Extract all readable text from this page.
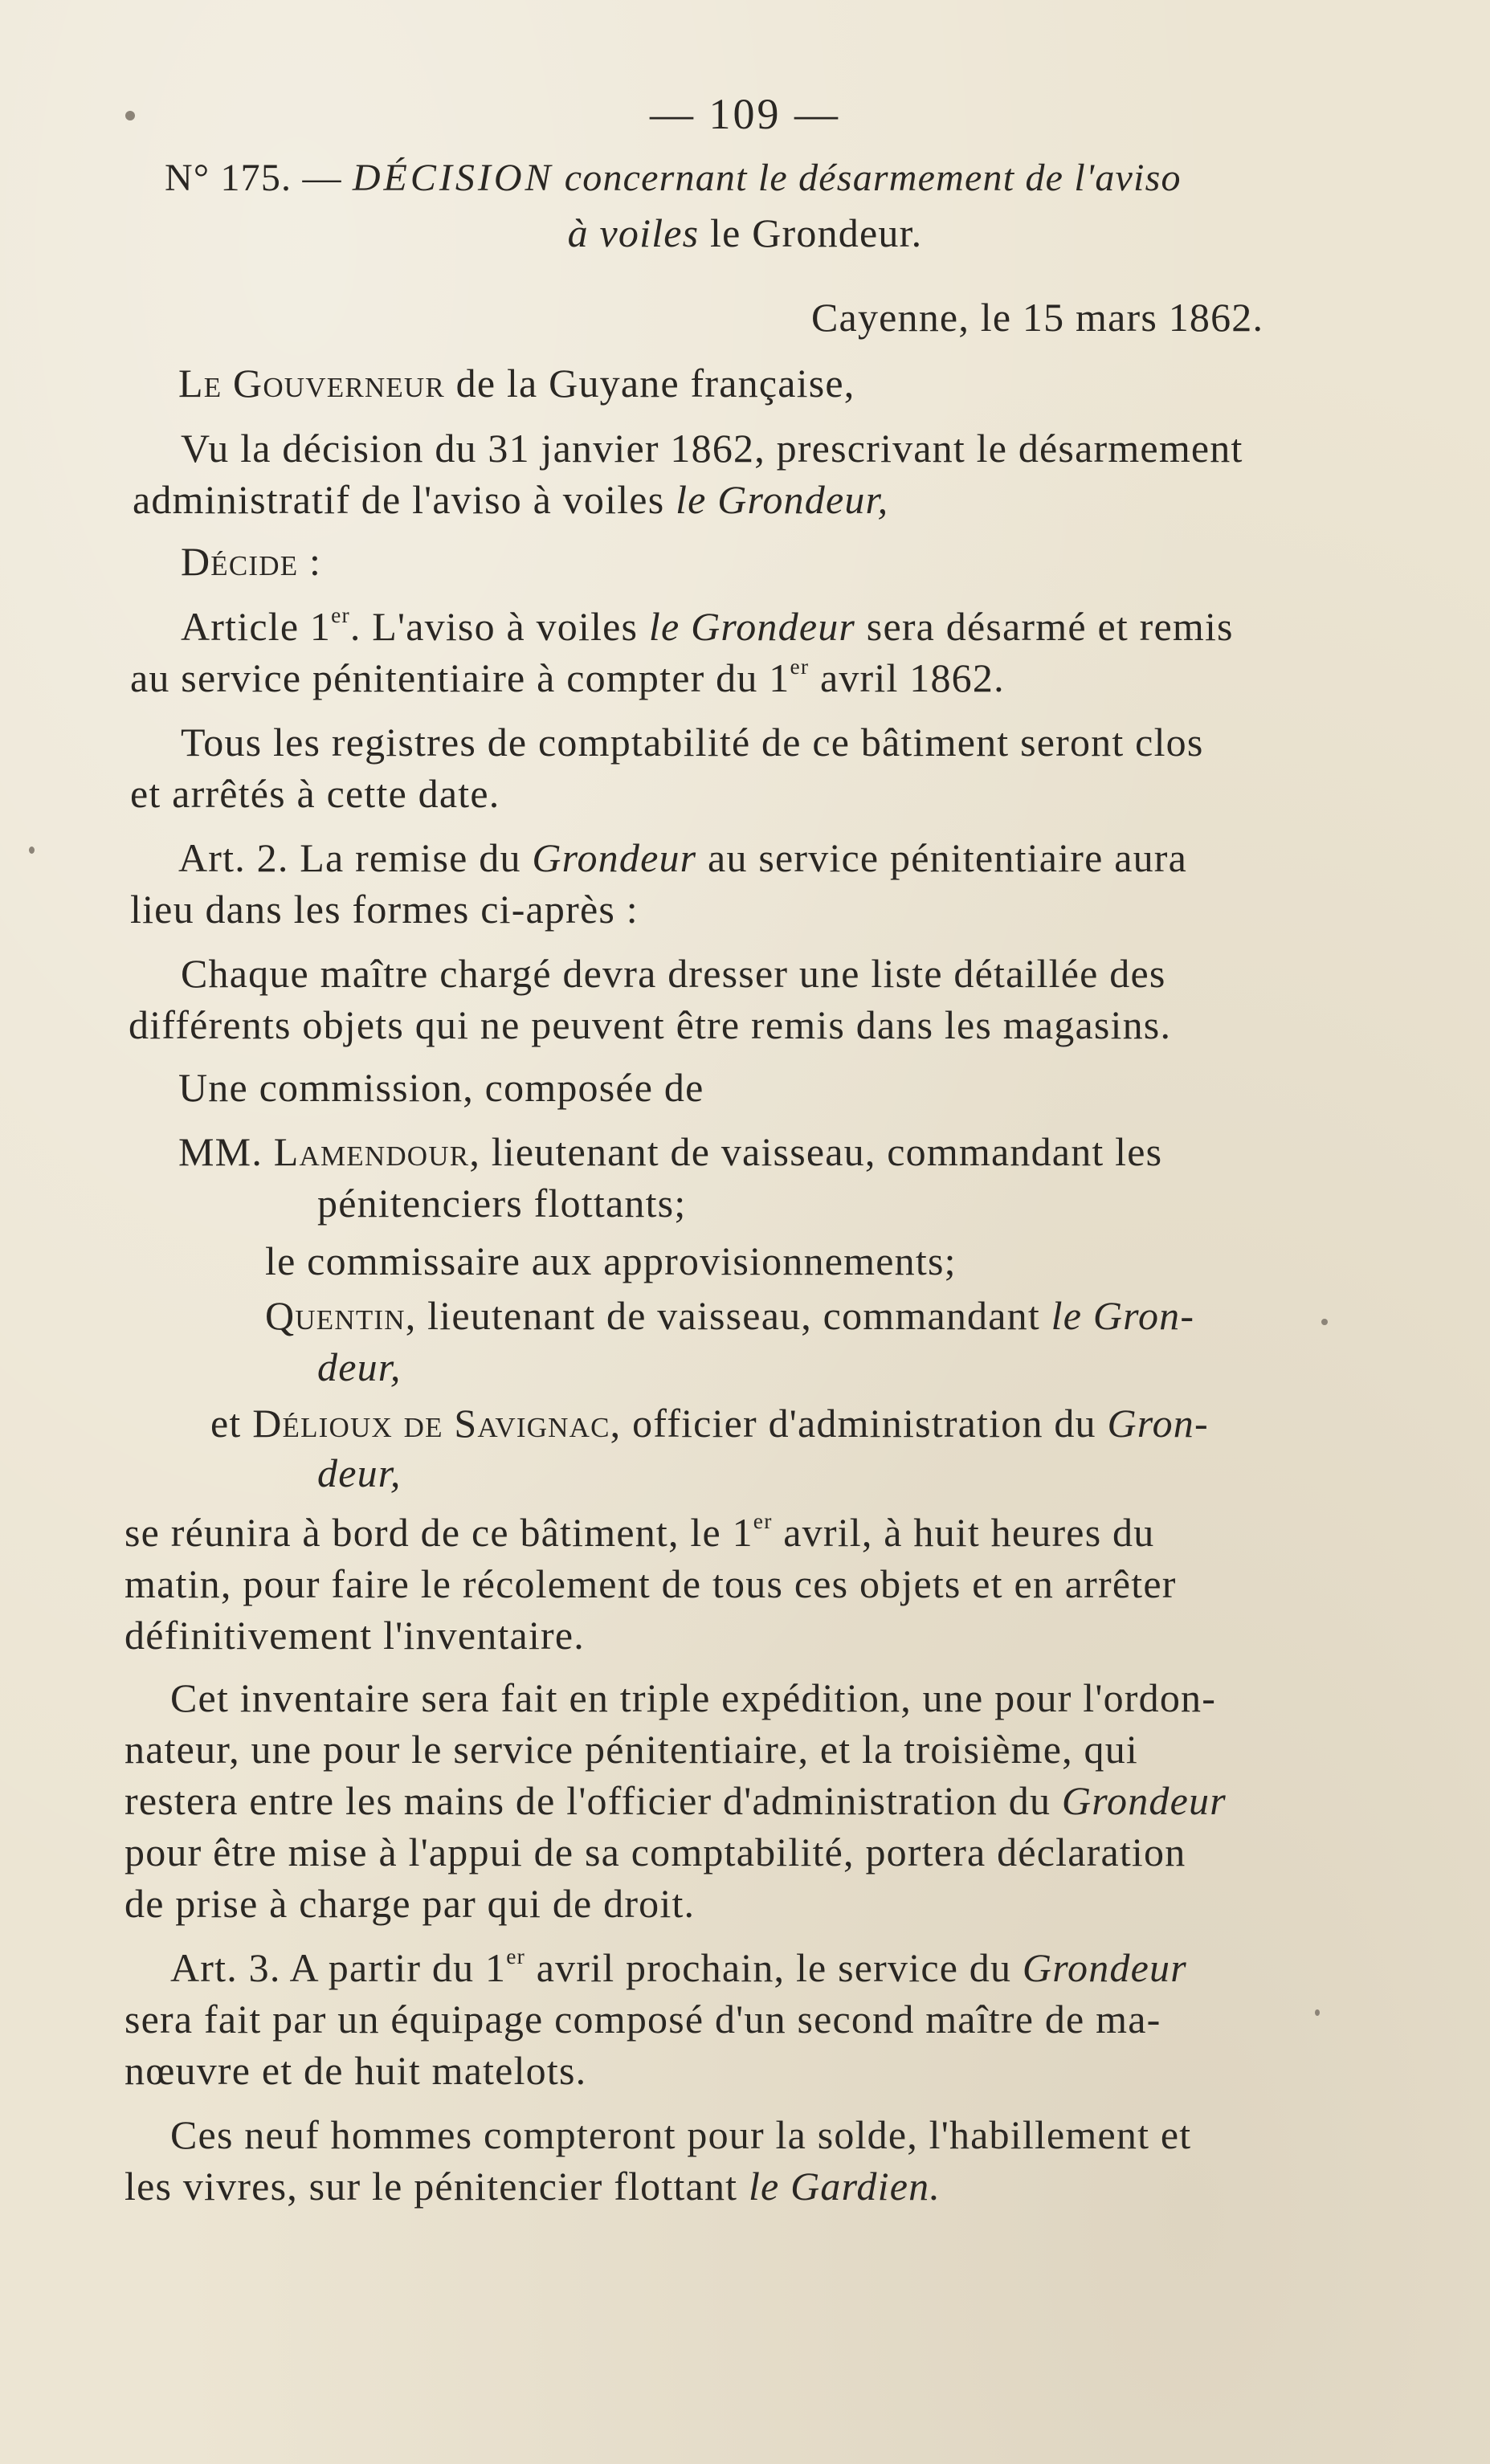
— 109 —
N° 175. — DÉCISION concernant le désarmement de l'aviso
à voiles le Grondeur.
Cayenne, le 15 mars 1862.
Le Gouverneur de la Guyane française,
Vu la décision du 31 janvier 1862, prescrivant le désarmement
administratif de l'aviso à voiles le Grondeur,
Décide :
Article 1er. L'aviso à voiles le Grondeur sera désarmé et remis
au service pénitentiaire à compter du 1er avril 1862.
Tous les registres de comptabilité de ce bâtiment seront clos
et arrêtés à cette date.
Art. 2. La remise du Grondeur au service pénitentiaire aura
lieu dans les formes ci-après :
Chaque maître chargé devra dresser une liste détaillée des
différents objets qui ne peuvent être remis dans les magasins.
Une commission, composée de
MM. Lamendour, lieutenant de vaisseau, commandant les
pénitenciers flottants;
le commissaire aux approvisionnements;
Quentin, lieutenant de vaisseau, commandant le Gron-
deur,
et Délioux de Savignac, officier d'administration du Gron-
deur,
se réunira à bord de ce bâtiment, le 1er avril, à huit heures du
matin, pour faire le récolement de tous ces objets et en arrêter
définitivement l'inventaire.
Cet inventaire sera fait en triple expédition, une pour l'ordon-
nateur, une pour le service pénitentiaire, et la troisième, qui
restera entre les mains de l'officier d'administration du Grondeur
pour être mise à l'appui de sa comptabilité, portera déclaration
de prise à charge par qui de droit.
Art. 3. A partir du 1er avril prochain, le service du Grondeur
sera fait par un équipage composé d'un second maître de ma-
nœuvre et de huit matelots.
Ces neuf hommes compteront pour la solde, l'habillement et
les vivres, sur le pénitencier flottant le Gardien.
